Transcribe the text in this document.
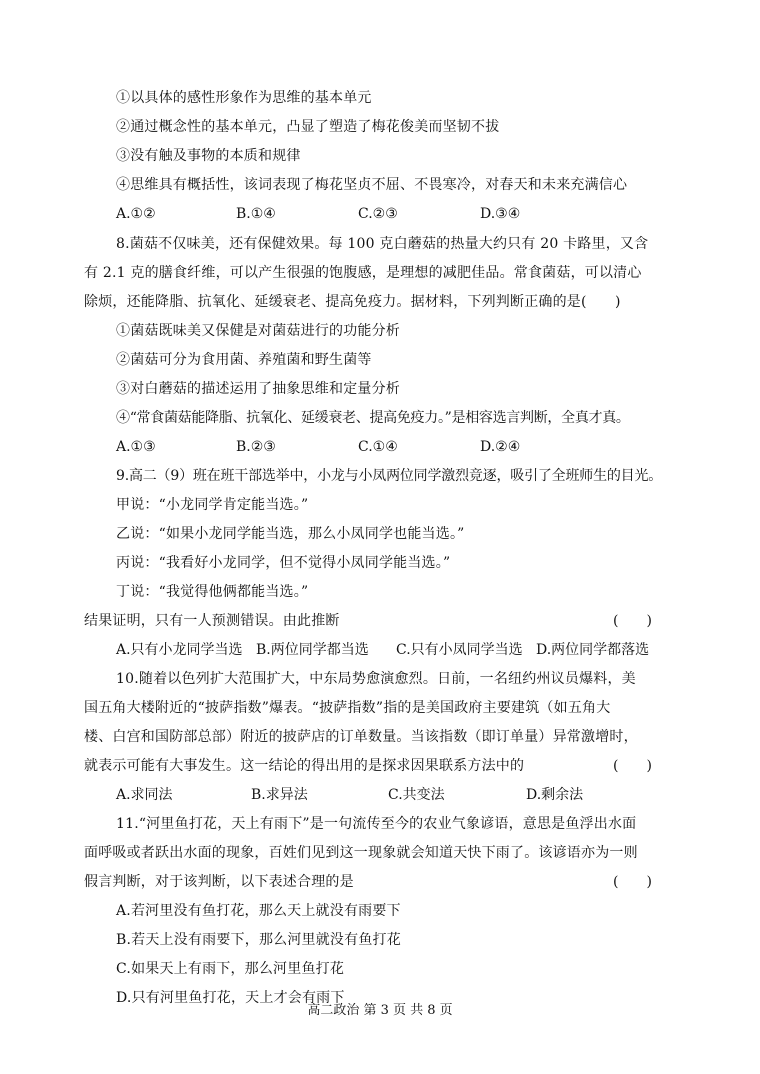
①以具体的感性形象作为思维的基本单元
②通过概念性的基本单元，凸显了塑造了梅花俊美而坚韧不拔
③没有触及事物的本质和规律
④思维具有概括性，该词表现了梅花坚贞不屈、不畏寒冷，对春天和未来充满信心
A.①②	B.①④	C.②③	D.③④
8.菌菇不仅味美，还有保健效果。每 100 克白蘑菇的热量大约只有 20 卡路里，又含
有 2.1 克的膳食纤维，可以产生很强的饱腹感，是理想的减肥佳品。常食菌菇，可以清心
除烦，还能降脂、抗氧化、延缓衰老、提高免疫力。据材料，下列判断正确的是(　　)
①菌菇既味美又保健是对菌菇进行的功能分析
②菌菇可分为食用菌、养殖菌和野生菌等
③对白蘑菇的描述运用了抽象思维和定量分析
④“常食菌菇能降脂、抗氧化、延缓衰老、提高免疫力。”是相容选言判断，全真才真。
A.①③	B.②③	C.①④	D.②④
9.高二（9）班在班干部选举中，小龙与小凤两位同学激烈竞逐，吸引了全班师生的目光。
甲说：“小龙同学肯定能当选。”
乙说：“如果小龙同学能当选，那么小凤同学也能当选。”
丙说：“我看好小龙同学，但不觉得小凤同学能当选。”
丁说：“我觉得他俩都能当选。”
结果证明，只有一人预测错误。由此推断	(　　)
A.只有小龙同学当选 B.两位同学都当选 C.只有小凤同学当选 D.两位同学都落选
10.随着以色列扩大范围扩大，中东局势愈演愈烈。日前，一名纽约州议员爆料，美
国五角大楼附近的“披萨指数”爆表。“披萨指数”指的是美国政府主要建筑（如五角大
楼、白宫和国防部总部）附近的披萨店的订单数量。当该指数（即订单量）异常激增时，
就表示可能有大事发生。这一结论的得出用的是探求因果联系方法中的	(　　)
A.求同法	B.求异法	C.共变法	D.剩余法
11.“河里鱼打花，天上有雨下”是一句流传至今的农业气象谚语，意思是鱼浮出水面
面呼吸或者跃出水面的现象，百姓们见到这一现象就会知道天快下雨了。该谚语亦为一则
假言判断，对于该判断，以下表述合理的是	(　　)
A.若河里没有鱼打花，那么天上就没有雨要下
B.若天上没有雨要下，那么河里就没有鱼打花
C.如果天上有雨下，那么河里鱼打花
D.只有河里鱼打花，天上才会有雨下
高二政治 第 3 页 共 8 页
